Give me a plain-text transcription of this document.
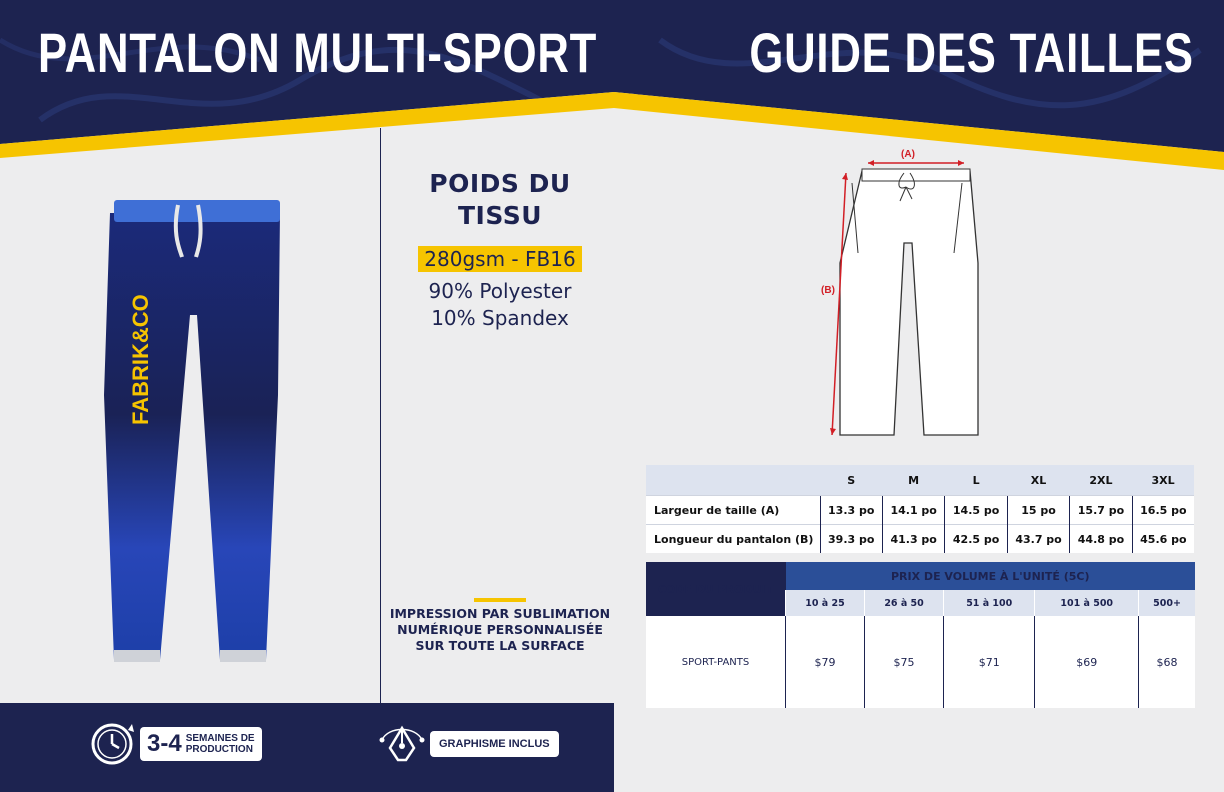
PANTALON MULTI-SPORT	GUIDE DES TAILLES
FABRIK&CO
POIDS DU TISSU
280gsm - FB16
90% Polyester
10% Spandex
IMPRESSION PAR SUBLIMATION NUMÉRIQUE PERSONNALISÉE SUR TOUTE LA SURFACE
3-4 SEMAINES DE
PRODUCTION	GRAPHISME INCLUS
(A)
(B)
	S	M	L	XL	2XL	3XL
Largeur de taille (A)	13.3 po	14.1 po	14.5 po	15 po	15.7 po	16.5 po
Longueur du pantalon (B)	39.3 po	41.3 po	42.5 po	43.7 po	44.8 po	45.6 po
CODE DU PRODUIT	PRIX DE VOLUME À L'UNITÉ (5C)				
	10 à 25	26 à 50	51 à 100	101 à 500	500+
SPORT-PANTS	$79	$75	$71	$69	$68
